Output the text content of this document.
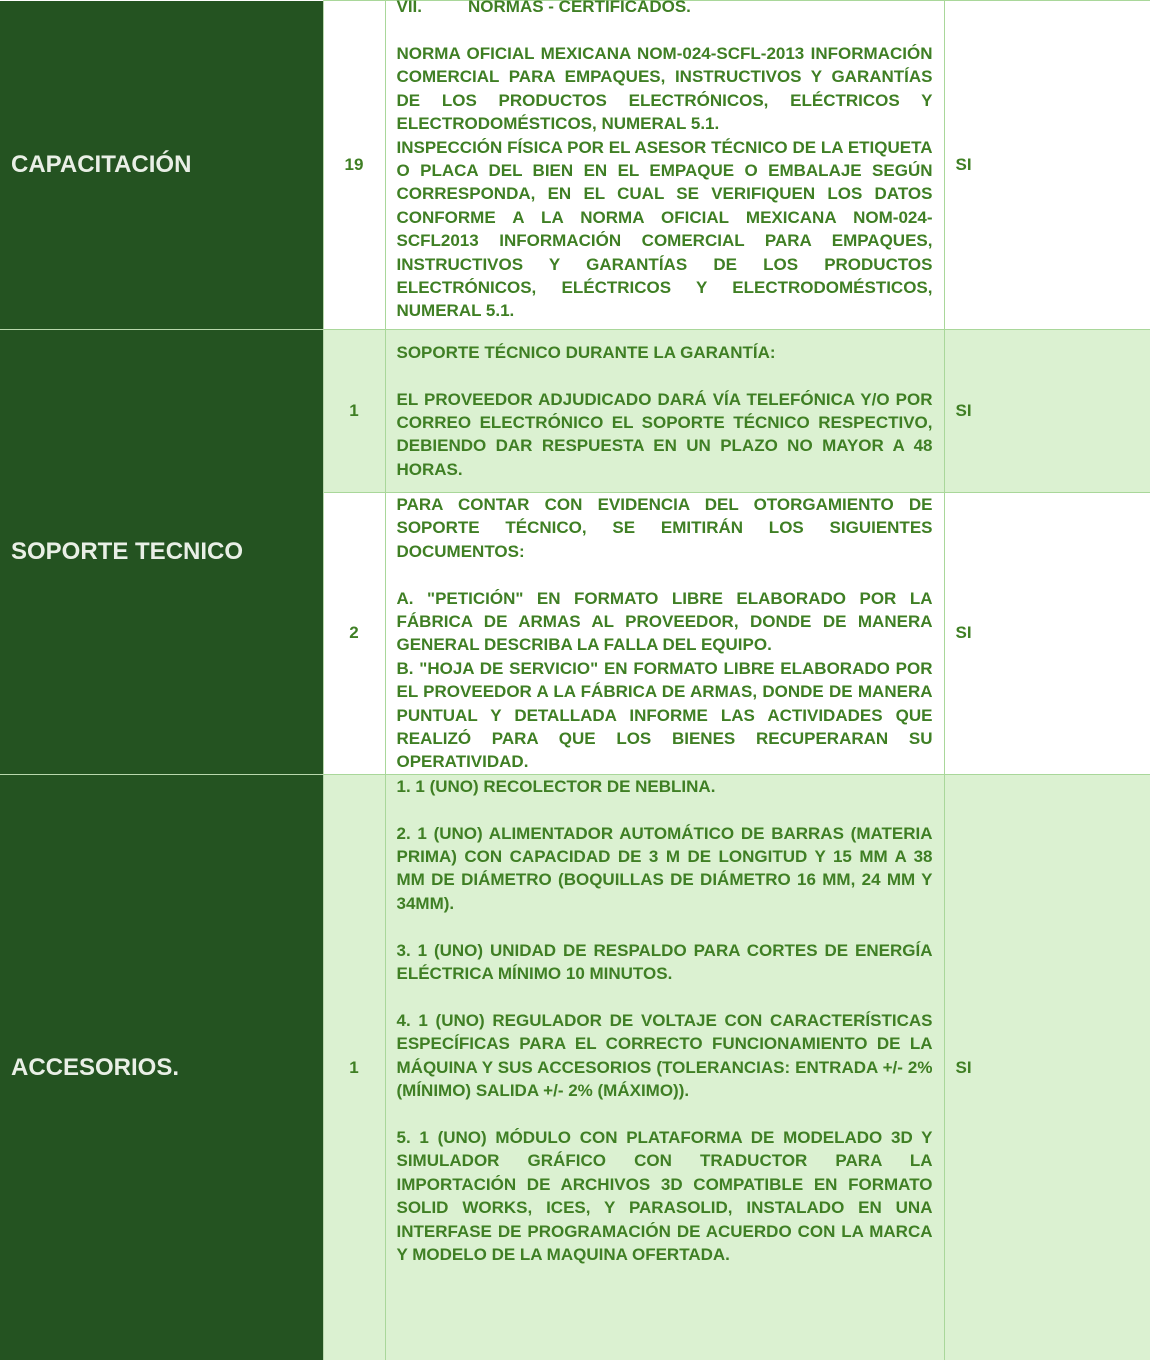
CAPACITACIÓN	19	VII. NORMAS - CERTIFICADOS.

NORMA OFICIAL MEXICANA NOM-024-SCFL-2013 INFORMACIÓN COMERCIAL PARA EMPAQUES, INSTRUCTIVOS Y GARANTÍAS DE LOS PRODUCTOS ELECTRÓNICOS, ELÉCTRICOS Y ELECTRODOMÉSTICOS, NUMERAL 5.1.

INSPECCIÓN FÍSICA POR EL ASESOR TÉCNICO DE LA ETIQUETA O PLACA DEL BIEN EN EL EMPAQUE O EMBALAJE SEGÚN CORRESPONDA, EN EL CUAL SE VERIFIQUEN LOS DATOS CONFORME A LA NORMA OFICIAL MEXICANA NOM-024-SCFL2013 INFORMACIÓN COMERCIAL PARA EMPAQUES, INSTRUCTIVOS Y GARANTÍAS DE LOS PRODUCTOS ELECTRÓNICOS, ELÉCTRICOS Y ELECTRODOMÉSTICOS, NUMERAL 5.1.	SI
SOPORTE TECNICO	1	SOPORTE TÉCNICO DURANTE LA GARANTÍA:

EL PROVEEDOR ADJUDICADO DARÁ VÍA TELEFÓNICA Y/O POR CORREO ELECTRÓNICO EL SOPORTE TÉCNICO RESPECTIVO, DEBIENDO DAR RESPUESTA EN UN PLAZO NO MAYOR A 48 HORAS.	SI
	2	PARA CONTAR CON EVIDENCIA DEL OTORGAMIENTO DE SOPORTE TÉCNICO, SE EMITIRÁN LOS SIGUIENTES DOCUMENTOS:

A. "PETICIÓN" EN FORMATO LIBRE ELABORADO POR LA FÁBRICA DE ARMAS AL PROVEEDOR, DONDE DE MANERA GENERAL DESCRIBA LA FALLA DEL EQUIPO.

B. "HOJA DE SERVICIO" EN FORMATO LIBRE ELABORADO POR EL PROVEEDOR A LA FÁBRICA DE ARMAS, DONDE DE MANERA PUNTUAL Y DETALLADA INFORME LAS ACTIVIDADES QUE REALIZÓ PARA QUE LOS BIENES RECUPERARAN SU OPERATIVIDAD.	SI
ACCESORIOS.	1	1. 1 (UNO) RECOLECTOR DE NEBLINA.

2. 1 (UNO) ALIMENTADOR AUTOMÁTICO DE BARRAS (MATERIA PRIMA) CON CAPACIDAD DE 3 M DE LONGITUD Y 15 MM A 38 MM DE DIÁMETRO (BOQUILLAS DE DIÁMETRO 16 MM, 24 MM Y 34MM).

3. 1 (UNO) UNIDAD DE RESPALDO PARA CORTES DE ENERGÍA ELÉCTRICA MÍNIMO 10 MINUTOS.

4. 1 (UNO) REGULADOR DE VOLTAJE CON CARACTERÍSTICAS ESPECÍFICAS PARA EL CORRECTO FUNCIONAMIENTO DE LA MÁQUINA Y SUS ACCESORIOS (TOLERANCIAS: ENTRADA +/- 2% (MÍNIMO) SALIDA +/- 2% (MÁXIMO)).

5. 1 (UNO) MÓDULO CON PLATAFORMA DE MODELADO 3D Y SIMULADOR GRÁFICO CON TRADUCTOR PARA LA IMPORTACIÓN DE ARCHIVOS 3D COMPATIBLE EN FORMATO SOLID WORKS, ICES, Y PARASOLID, INSTALADO EN UNA INTERFASE DE PROGRAMACIÓN DE ACUERDO CON LA MARCA Y MODELO DE LA MAQUINA OFERTADA.	SI
